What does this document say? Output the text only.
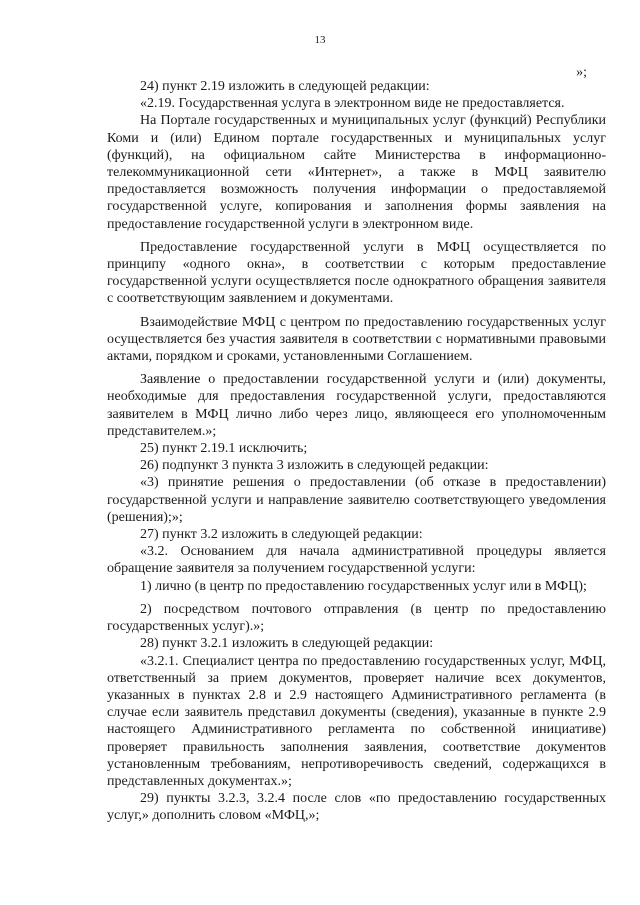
13
»;

24) пункт 2.19 изложить в следующей редакции:

«2.19. Государственная услуга в электронном виде не предоставляется.

На Портале государственных и муниципальных услуг (функций) Республики Коми и (или) Едином портале государственных и муниципальных услуг (функций), на официальном сайте Министерства в информационно-телекоммуникационной сети «Интернет», а также в МФЦ заявителю предоставляется возможность получения информации о предоставляемой государственной услуге, копирования и заполнения формы заявления на предоставление государственной услуги в электронном виде.

Предоставление государственной услуги в МФЦ осуществляется по принципу «одного окна», в соответствии с которым предоставление государственной услуги осуществляется после однократного обращения заявителя с соответствующим заявлением и документами.

Взаимодействие МФЦ с центром по предоставлению государственных услуг осуществляется без участия заявителя в соответствии с нормативными правовыми актами, порядком и сроками, установленными Соглашением.

Заявление о предоставлении государственной услуги и (или) документы, необходимые для предоставления государственной услуги, предоставляются заявителем в МФЦ лично либо через лицо, являющееся его уполномоченным представителем.»;

25) пункт 2.19.1 исключить;

26) подпункт 3 пункта 3 изложить в следующей редакции:

«3) принятие решения о предоставлении (об отказе в предоставлении) государственной услуги и направление заявителю соответствующего уведомления (решения);»;

27) пункт 3.2 изложить в следующей редакции:

«3.2. Основанием для начала административной процедуры является обращение заявителя за получением государственной услуги:

1) лично (в центр по предоставлению государственных услуг или в МФЦ);

2) посредством почтового отправления (в центр по предоставлению государственных услуг).»;

28) пункт 3.2.1 изложить в следующей редакции:

«3.2.1. Специалист центра по предоставлению государственных услуг, МФЦ, ответственный за прием документов, проверяет наличие всех документов, указанных в пунктах 2.8 и 2.9 настоящего Административного регламента (в случае если заявитель представил документы (сведения), указанные в пункте 2.9 настоящего Административного регламента по собственной инициативе) проверяет правильность заполнения заявления, соответствие документов установленным требованиям, непротиворечивость сведений, содержащихся в представленных документах.»;

29) пункты 3.2.3, 3.2.4 после слов «по предоставлению государственных услуг,» дополнить словом «МФЦ,»;
